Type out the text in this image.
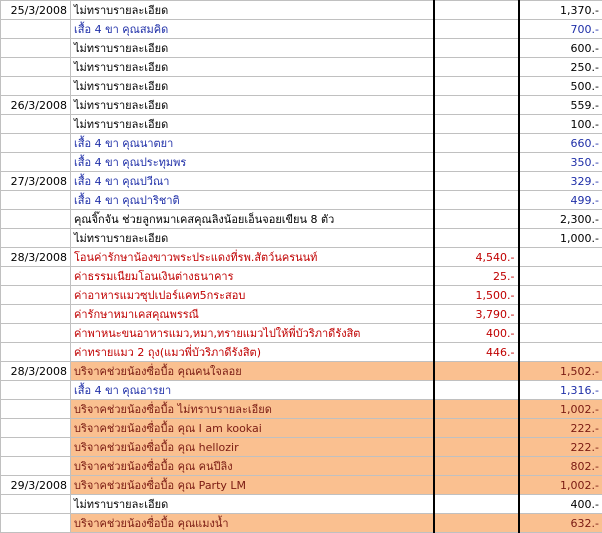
25/3/2008	ไม่ทราบรายละเอียด		1,370.-
	เสื้อ 4 ขา คุณสมคิด		700.-
	ไม่ทราบรายละเอียด		600.-
	ไม่ทราบรายละเอียด		250.-
	ไม่ทราบรายละเอียด		500.-
26/3/2008	ไม่ทราบรายละเอียด		559.-
	ไม่ทราบรายละเอียด		100.-
	เสื้อ 4 ขา คุณนาตยา		660.-
	เสื้อ 4 ขา คุณประทุมพร		350.-
27/3/2008	เสื้อ 4 ขา คุณปวีณา		329.-
	เสื้อ 4 ขา คุณปาริชาติ		499.-
	คุณจิ๊กจัน ช่วยลูกหมาเคสคุณลิงน้อยเอ็นจอยเขียน 8 ตัว		2,300.-
	ไม่ทราบรายละเอียด		1,000.-
28/3/2008	โอนค่ารักษาน้องขาวพระประแดงที่รพ.สัตว์นครนนท์	4,540.-	
	ค่าธรรมเนียมโอนเงินต่างธนาคาร	25.-	
	ค่าอาหารแมวซุปเปอร์แคท5กระสอบ	1,500.-	
	ค่ารักษาหมาเคสคุณพรรณี	3,790.-	
	ค่าพาหนะขนอาหารแมว,หมา,ทรายแมวไปให้พี่บัวริภาดีรังสิต	400.-	
	ค่าทรายแมว 2 ถุง(แมวพี่บัวริภาดีรังสิต)	446.-	
28/3/2008	บริจาคช่วยน้องซื่อบื้อ คุณคนใจลอย		1,502.-
	เสื้อ 4 ขา คุณอารยา		1,316.-
	บริจาคช่วยน้องซื่อบื้อ ไม่ทราบรายละเอียด		1,002.-
	บริจาคช่วยน้องซื่อบื้อ คุณ I am kookai		222.-
	บริจาคช่วยน้องซื่อบื้อ คุณ hellozir		222.-
	บริจาคช่วยน้องซื่อบื้อ คุณ คนปีลิง		802.-
29/3/2008	บริจาคช่วยน้องซื่อบื้อ คุณ Party LM		1,002.-
	ไม่ทราบรายละเอียด		400.-
	บริจาคช่วยน้องซื่อบื้อ คุณแมงน้ำ		632.-
